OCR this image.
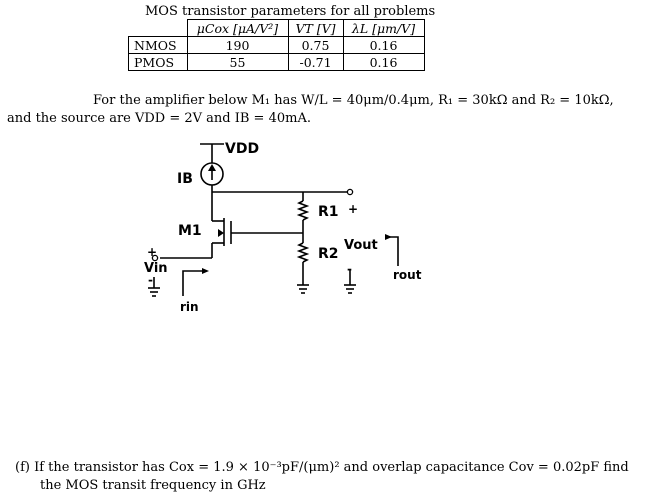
MOS transistor parameters for all problems
	μCox [μA/V²]	VT [V]	λL [μm/V]
NMOS	190	0.75	0.16
PMOS	55	-0.71	0.16
For the amplifier below M₁ has W/L = 40μm/0.4μm, R₁ = 30kΩ and R₂ = 10kΩ,
and the source are VDD = 2V and IB = 40mA.
VDD
IB
M1
R1
R2
Vout
+
-	rout
+
Vin
-
rin
(f) If the transistor has Cox = 1.9 × 10⁻³pF/(μm)² and overlap capacitance Cov = 0.02pF find
the MOS transit frequency in GHz
